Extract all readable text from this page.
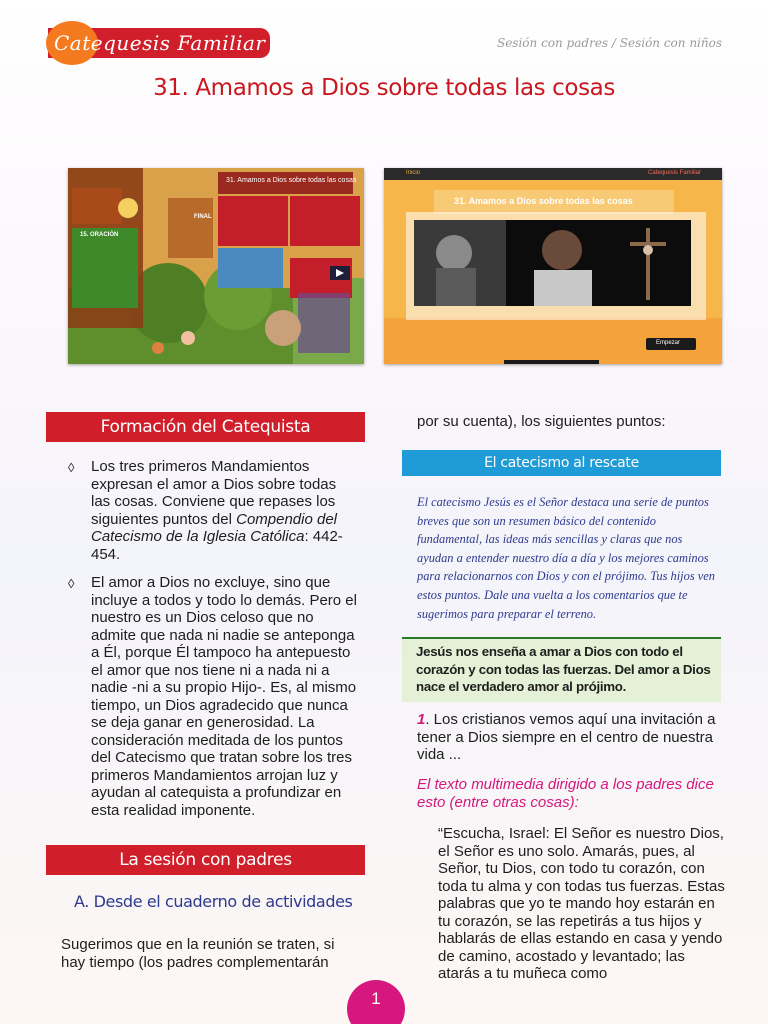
Catequesis Familiar	Sesión con padres / Sesión con niños
31. Amamos a Dios sobre todas las cosas
31. Amamos a Dios sobre todas las cosas
FINAL
15. ORACIÓN
Inicio	Catequesis Familiar
31. Amamos a Dios sobre todas las cosas
Empezar
Formación del Catequista
◊ Los tres primeros Mandamientos expresan el amor a Dios sobre todas las cosas. Conviene que repases los siguientes puntos del Compendio del Catecismo de la Iglesia Católica: 442-454.
◊ El amor a Dios no excluye, sino que incluye a todos y todo lo demás. Pero el nuestro es un Dios celoso que no admite que nada ni nadie se anteponga a Él, porque Él tampoco ha antepuesto el amor que nos tiene ni a nada ni a nadie -ni a su propio Hijo-. Es, al mismo tiempo, un Dios agradecido que nunca se deja ganar en generosidad. La consideración meditada de los puntos del Catecismo que tratan sobre los tres primeros Mandamientos arrojan luz y ayudan al catequista a profundizar en esta realidad imponente.
La sesión con padres
A. Desde el cuaderno de actividades
Sugerimos que en la reunión se traten, si hay tiempo (los padres complementarán
por su cuenta), los siguientes puntos:
El catecismo al rescate
El catecismo Jesús es el Señor destaca una serie de puntos breves que son un resumen básico del contenido fundamental, las ideas más sencillas y claras que nos ayudan a entender nuestro día a día y los mejores caminos para relacionarnos con Dios y con el prójimo. Tus hijos ven estos puntos. Dale una vuelta a los comentarios que te sugerimos para preparar el terreno.
Jesús nos enseña a amar a Dios con todo el corazón y con todas las fuerzas. Del amor a Dios nace el verdadero amor al prójimo.
1. Los cristianos vemos aquí una invitación a tener a Dios siempre en el centro de nuestra vida ...
El texto multimedia dirigido a los padres dice esto (entre otras cosas):
“Escucha, Israel: El Señor es nuestro Dios, el Señor es uno solo. Amarás, pues, al Señor, tu Dios, con todo tu corazón, con toda tu alma y con todas tus fuerzas. Estas palabras que yo te mando hoy estarán en tu corazón, se las repetirás a tus hijos y hablarás de ellas estando en casa y yendo de camino, acostado y levantado; las atarás a tu muñeca como
1
